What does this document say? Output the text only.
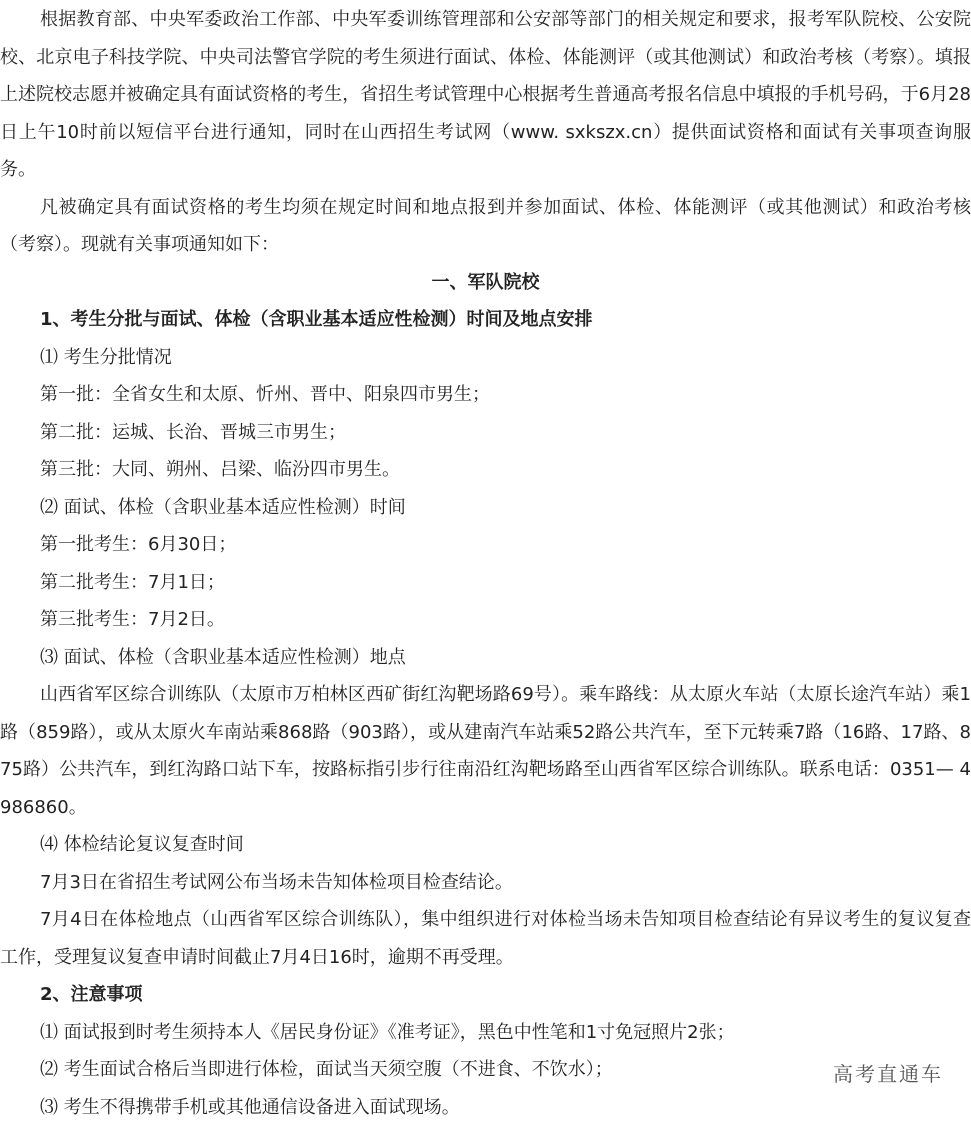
根据教育部、中央军委政治工作部、中央军委训练管理部和公安部等部门的相关规定和要求，报考军队院校、公安院校、北京电子科技学院、中央司法警官学院的考生须进行面试、体检、体能测评（或其他测试）和政治考核（考察）。填报上述院校志愿并被确定具有面试资格的考生，省招生考试管理中心根据考生普通高考报名信息中填报的手机号码，于6月28日上午10时前以短信平台进行通知，同时在山西招生考试网（www. sxkszx.cn）提供面试资格和面试有关事项查询服务。

凡被确定具有面试资格的考生均须在规定时间和地点报到并参加面试、体检、体能测评（或其他测试）和政治考核（考察）。现就有关事项通知如下：

一、军队院校

1、考生分批与面试、体检（含职业基本适应性检测）时间及地点安排

⑴ 考生分批情况

第一批：全省女生和太原、忻州、晋中、阳泉四市男生；

第二批：运城、长治、晋城三市男生；

第三批：大同、朔州、吕梁、临汾四市男生。

⑵ 面试、体检（含职业基本适应性检测）时间

第一批考生：6月30日；

第二批考生：7月1日；

第三批考生：7月2日。

⑶ 面试、体检（含职业基本适应性检测）地点

山西省军区综合训练队（太原市万柏林区西矿街红沟靶场路69号）。乘车路线：从太原火车站（太原长途汽车站）乘1路（859路），或从太原火车南站乘868路（903路），或从建南汽车站乘52路公共汽车，至下元转乘7路（16路、17路、875路）公共汽车，到红沟路口站下车，按路标指引步行往南沿红沟靶场路至山西省军区综合训练队。联系电话：0351— 4986860。

⑷ 体检结论复议复查时间

7月3日在省招生考试网公布当场未告知体检项目检查结论。

7月4日在体检地点（山西省军区综合训练队），集中组织进行对体检当场未告知项目检查结论有异议考生的复议复查工作，受理复议复查申请时间截止7月4日16时，逾期不再受理。

2、注意事项

⑴ 面试报到时考生须持本人《居民身份证》《准考证》，黑色中性笔和1寸免冠照片2张；

⑵ 考生面试合格后当即进行体检，面试当天须空腹（不进食、不饮水）；

⑶ 考生不得携带手机或其他通信设备进入面试现场。

高考直通车
